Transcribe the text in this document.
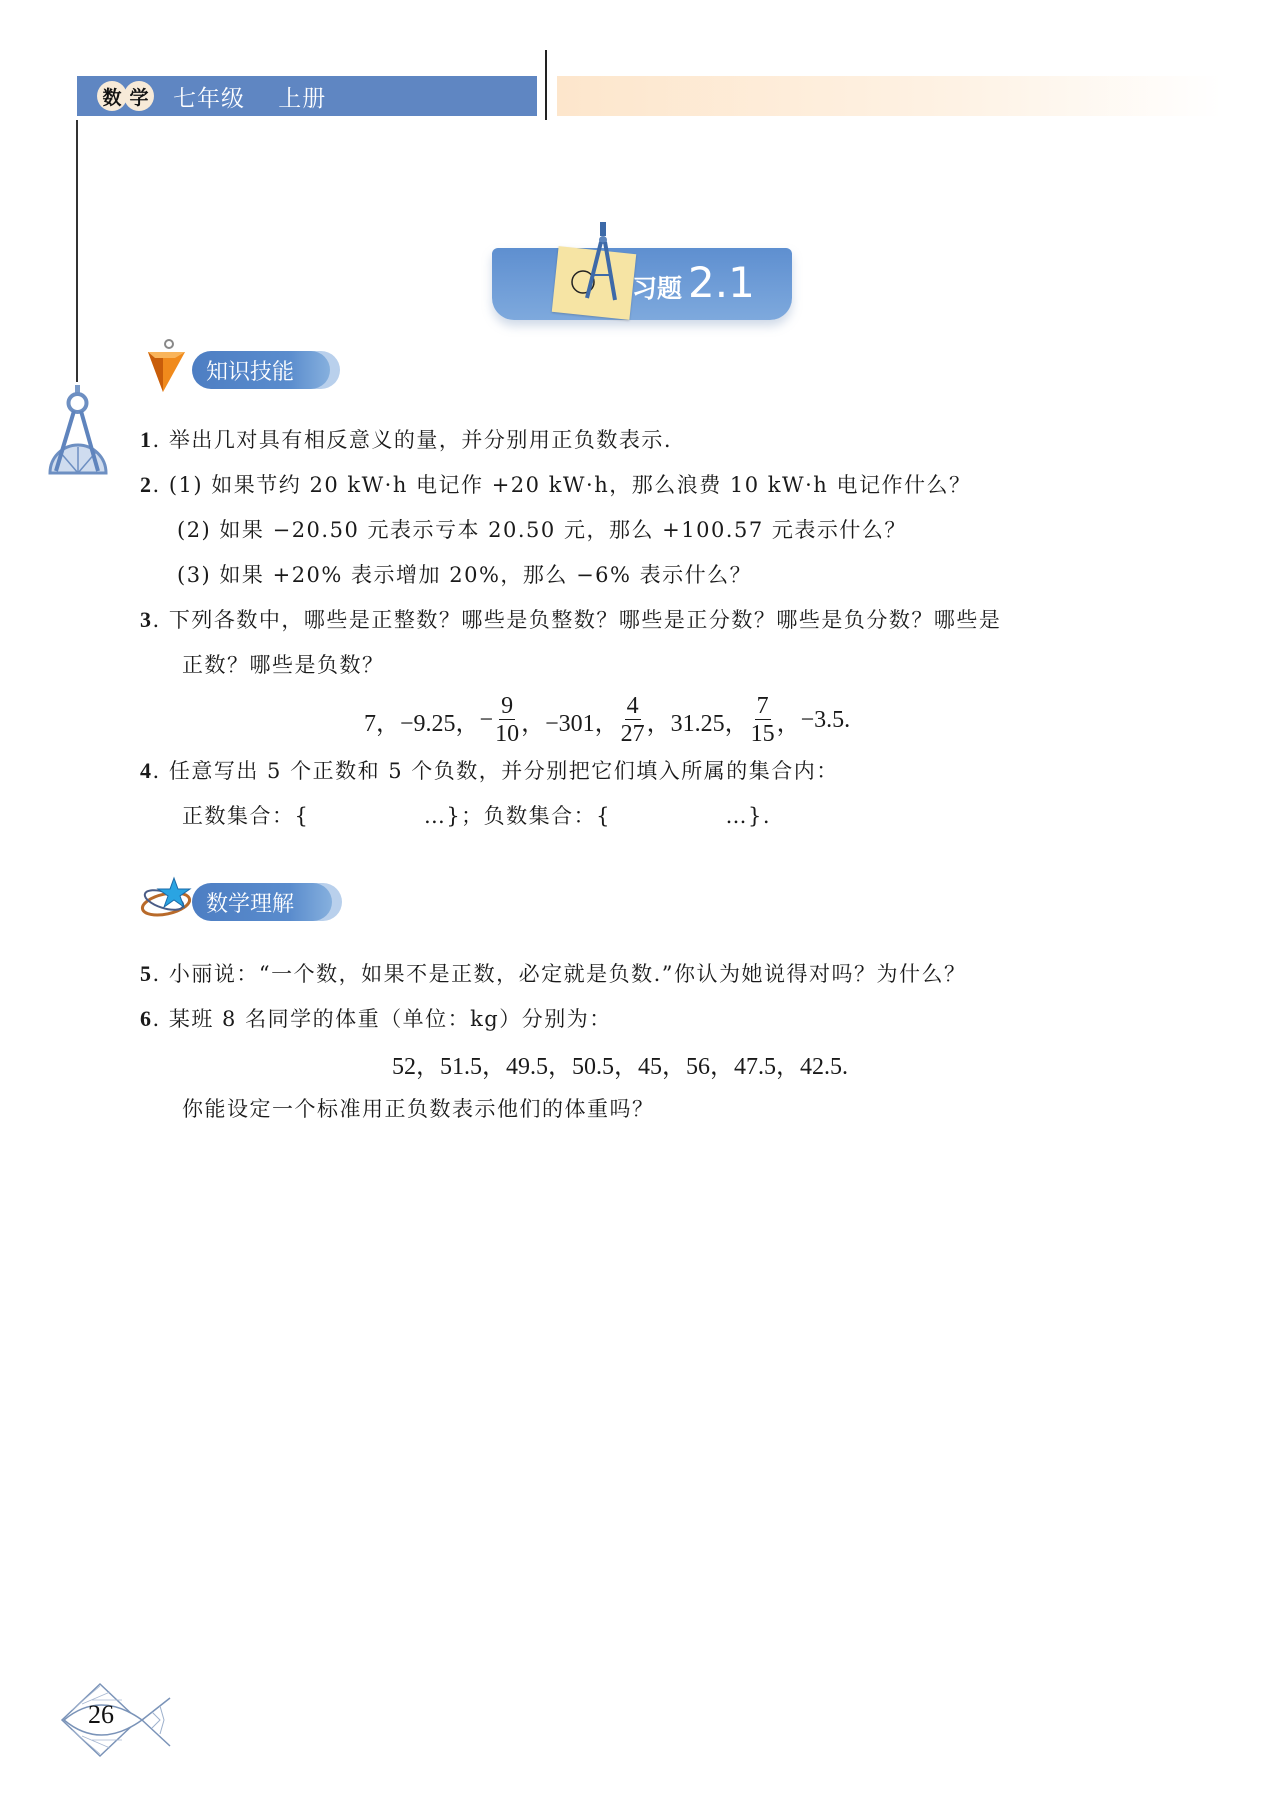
数 学 七年级    上册
习题 2.1
知识技能
1. 举出几对具有相反意义的量，并分别用正负数表示.
2. (1) 如果节约 20 kW·h 电记作 +20 kW·h，那么浪费 10 kW·h 电记作什么？
(2) 如果 −20.50 元表示亏本 20.50 元，那么 +100.57 元表示什么？
(3) 如果 +20% 表示增加 20%，那么 −6% 表示什么？
3. 下列各数中，哪些是正整数？哪些是负整数？哪些是正分数？哪些是负分数？哪些是
正数？哪些是负数？
7， −9.25， − $\frac{9}{10}$ ， −301， $\frac{4}{27}$ ， 31.25， $\frac{7}{15}$ ， −3.5.
4. 任意写出 5 个正数和 5 个负数，并分别把它们填入所属的集合内：
正数集合：{              …}；负数集合：{              …}.
数学理解
5. 小丽说：“一个数，如果不是正数，必定就是负数.”你认为她说得对吗？为什么？
6. 某班 8 名同学的体重（单位：kg）分别为：
52，51.5，49.5，50.5，45，56，47.5，42.5.
你能设定一个标准用正负数表示他们的体重吗？
26
